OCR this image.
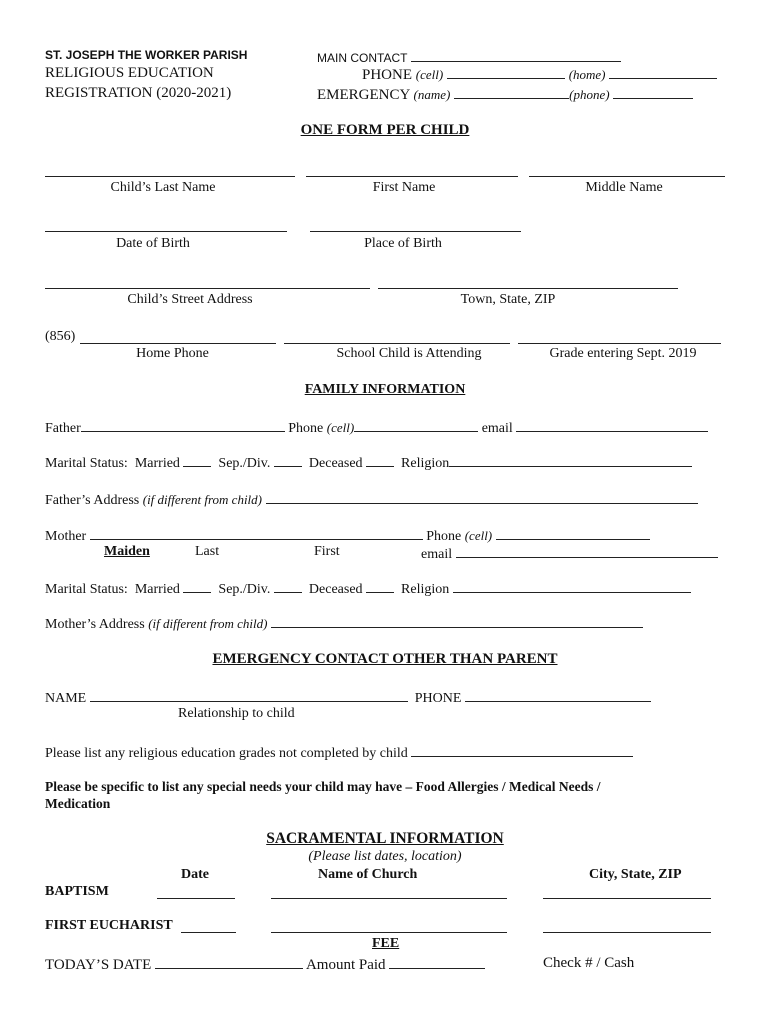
ST. JOSEPH THE WORKER PARISH
RELIGIOUS EDUCATION
REGISTRATION (2020-2021)
MAIN CONTACT
PHONE (cell)	(home)
EMERGENCY (name)	(phone)
ONE FORM PER CHILD
Child’s Last Name	First Name	Middle Name
Date of Birth	Place of Birth
Child’s Street Address	Town, State, ZIP
(856)
Home Phone	School Child is Attending	Grade entering Sept. 2019
FAMILY INFORMATION
Father	Phone (cell)	email
Marital Status: Married	Sep./Div.	Deceased	Religion
Father’s Address (if different from child)
Mother	Phone (cell)
Maiden	Last	First	email
Marital Status: Married	Sep./Div.	Deceased	Religion
Mother’s Address (if different from child)
EMERGENCY CONTACT OTHER THAN PARENT
NAME	PHONE
Relationship to child
Please list any religious education grades not completed by child
Please be specific to list any special needs your child may have – Food Allergies / Medical Needs /
Medication
SACRAMENTAL INFORMATION
(Please list dates, location)
Date	Name of Church	City, State, ZIP
BAPTISM
FIRST EUCHARIST
FEE
TODAY’S DATE	Amount Paid	Check # / Cash
